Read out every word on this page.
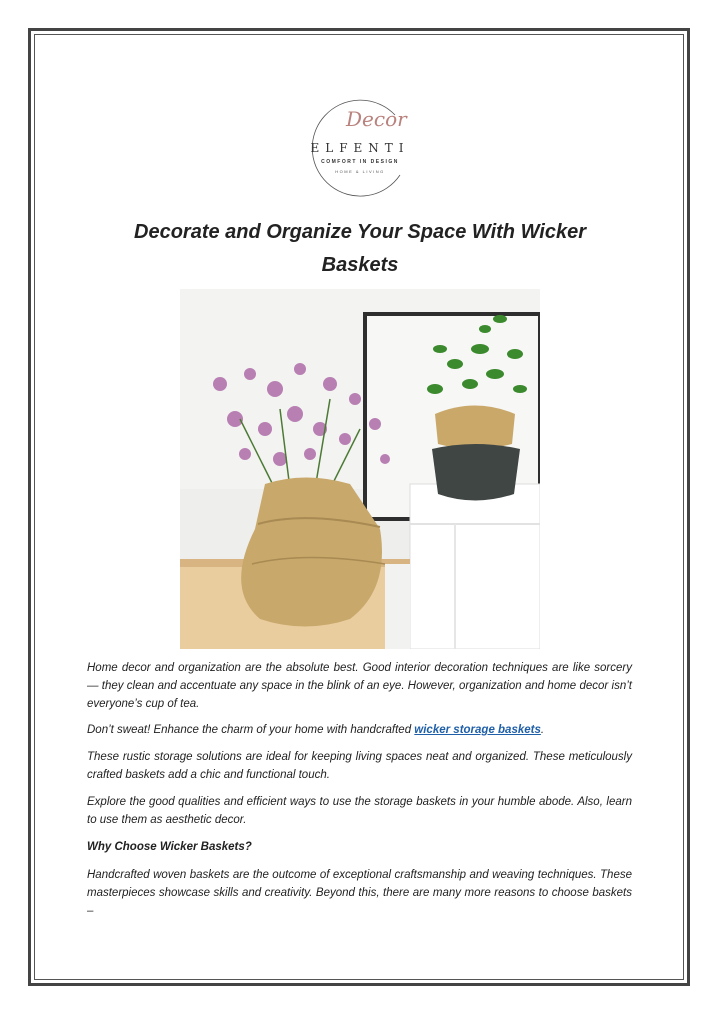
Decor
ELFENTI
COMFORT IN DESIGN
HOME & LIVING
Decorate and Organize Your Space With Wicker Baskets
Home decor and organization are the absolute best. Good interior decoration techniques are like sorcery — they clean and accentuate any space in the blink of an eye. However, organization and home decor isn’t everyone’s cup of tea.
Don’t sweat! Enhance the charm of your home with handcrafted wicker storage baskets.
These rustic storage solutions are ideal for keeping living spaces neat and organized. These meticulously crafted baskets add a chic and functional touch.
Explore the good qualities and efficient ways to use the storage baskets in your humble abode. Also, learn to use them as aesthetic decor.
Why Choose Wicker Baskets?
Handcrafted woven baskets are the outcome of exceptional craftsmanship and weaving techniques. These masterpieces showcase skills and creativity. Beyond this, there are many more reasons to choose baskets –
